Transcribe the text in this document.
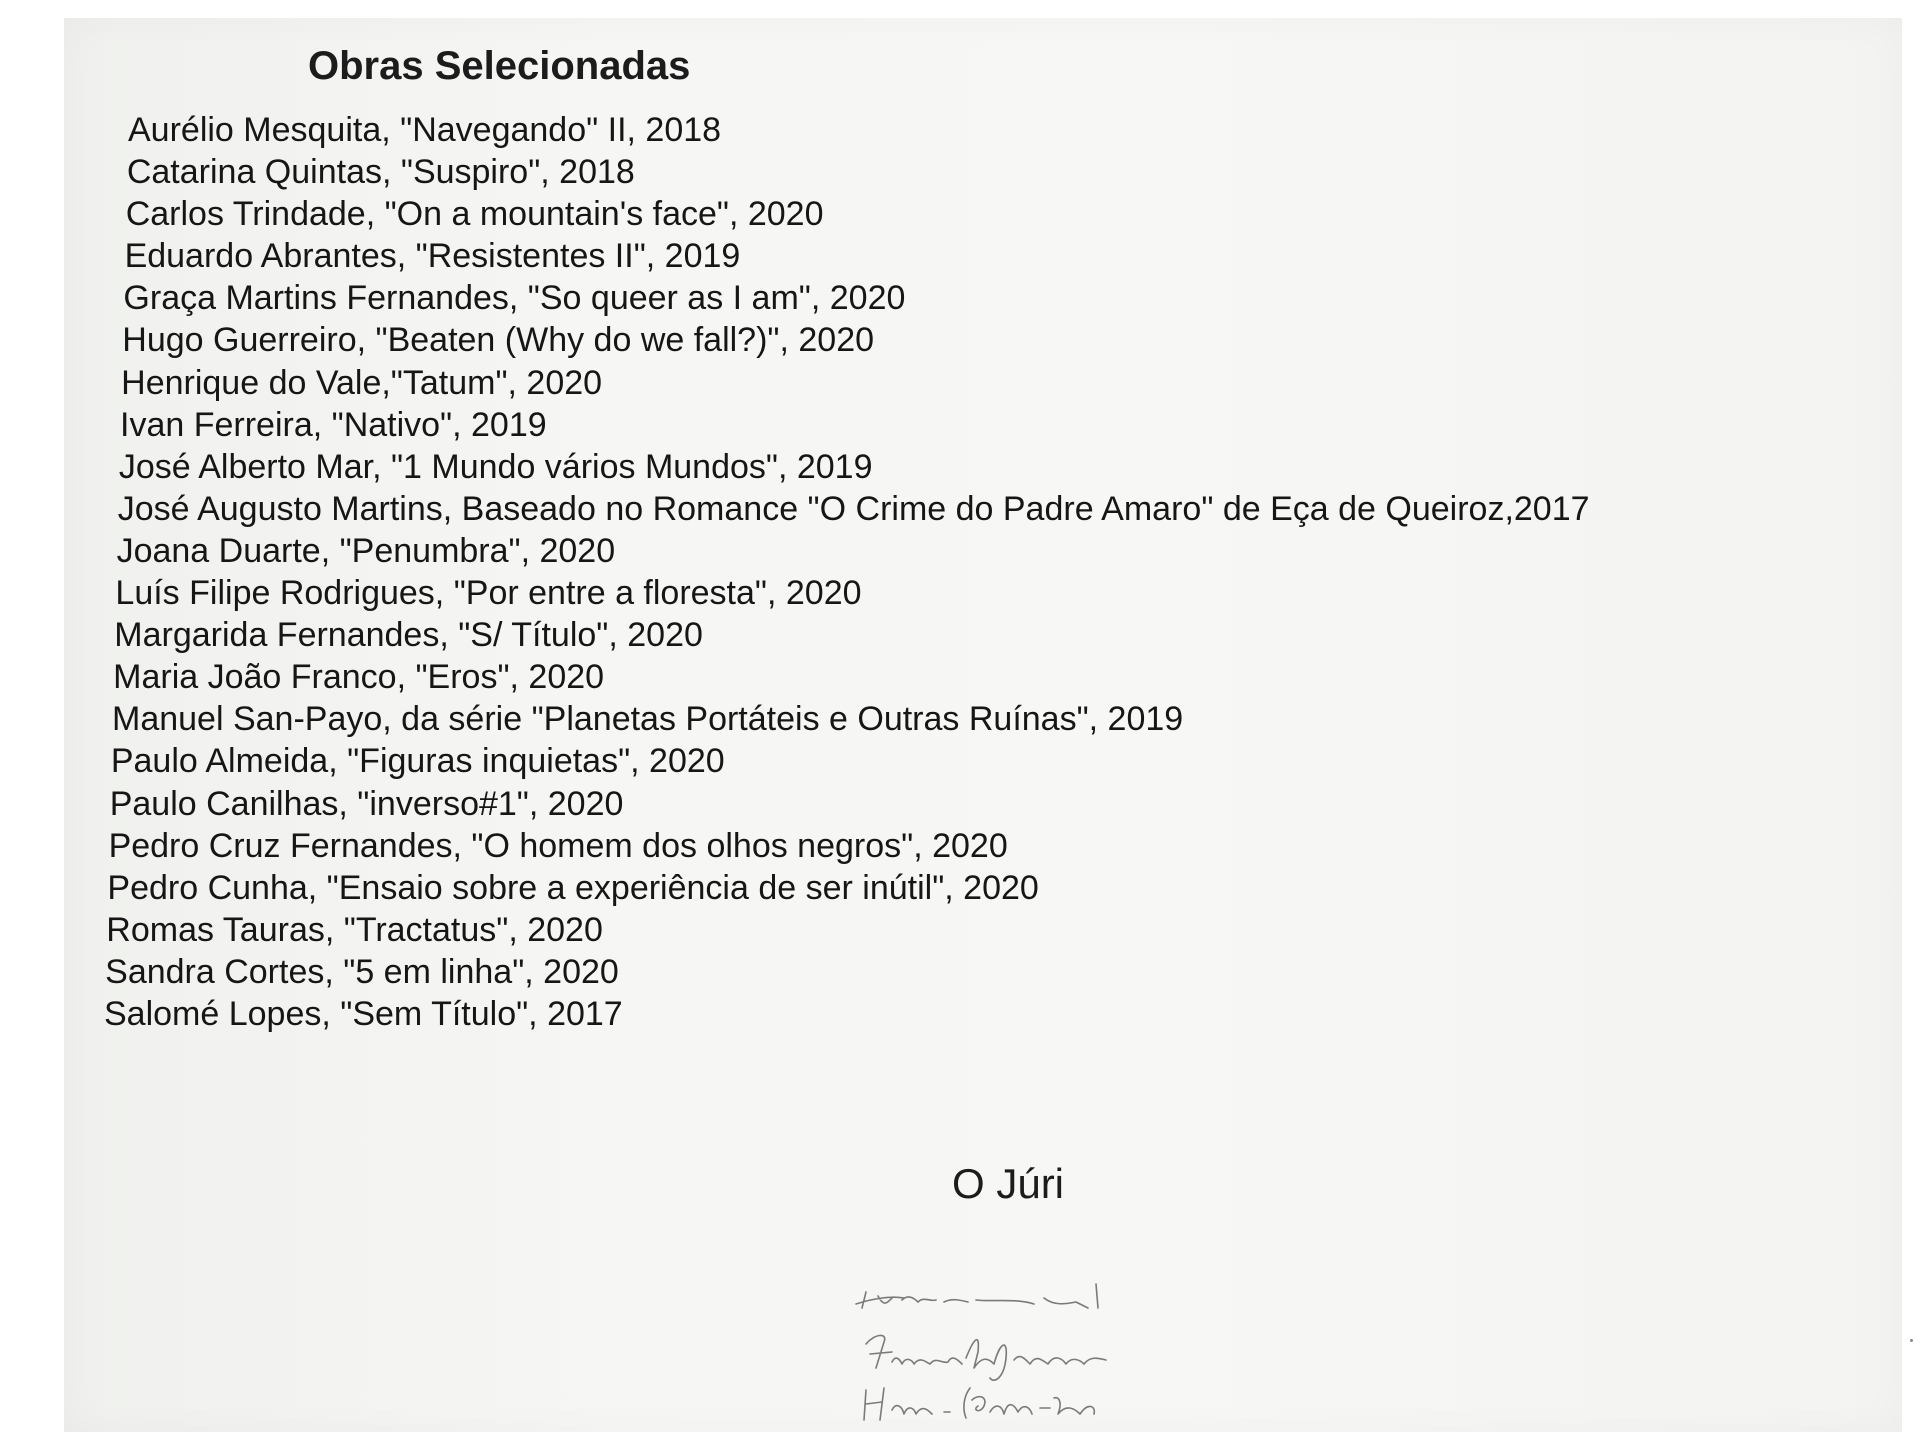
Obras Selecionadas
Aurélio Mesquita, "Navegando" II, 2018
Catarina Quintas, "Suspiro", 2018
Carlos Trindade, "On a mountain's face", 2020
Eduardo Abrantes, "Resistentes II", 2019
Graça Martins Fernandes, "So queer as I am", 2020
Hugo Guerreiro, "Beaten (Why do we fall?)", 2020
Henrique do Vale,"Tatum", 2020
Ivan Ferreira, "Nativo", 2019
José Alberto Mar, "1 Mundo vários Mundos", 2019
José Augusto Martins, Baseado no Romance "O Crime do Padre Amaro" de Eça de Queiroz,2017
Joana Duarte, "Penumbra", 2020
Luís Filipe Rodrigues, "Por entre a floresta", 2020
Margarida Fernandes, "S/ Título", 2020
Maria João Franco, "Eros", 2020
Manuel San-Payo, da série "Planetas Portáteis e Outras Ruínas", 2019
Paulo Almeida, "Figuras inquietas", 2020
Paulo Canilhas, "inverso#1", 2020
Pedro Cruz Fernandes, "O homem dos olhos negros", 2020
Pedro Cunha, "Ensaio sobre a experiência de ser inútil", 2020
Romas Tauras, "Tractatus", 2020
Sandra Cortes, "5 em linha", 2020
Salomé Lopes, "Sem Título", 2017
O Júri
